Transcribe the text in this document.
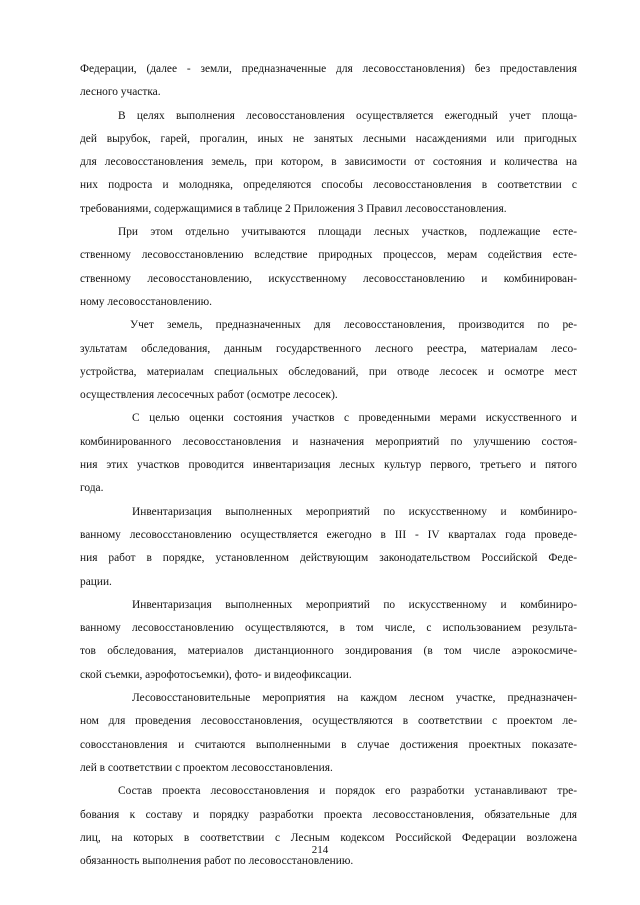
Федерации, (далее - земли, предназначенные для лесовосстановления) без предоставления
лесного участка.
В целях выполнения лесовосстановления осуществляется ежегодный учет площа-
дей вырубок, гарей, прогалин, иных не занятых лесными насаждениями или пригодных
для лесовосстановления земель, при котором, в зависимости от состояния и количества на
них подроста и молодняка, определяются способы лесовосстановления в соответствии с
требованиями, содержащимися в таблице 2 Приложения 3 Правил лесовосстановления.
При этом отдельно учитываются площади лесных участков, подлежащие есте-
ственному лесовосстановлению вследствие природных процессов, мерам содействия есте-
ственному лесовосстановлению, искусственному лесовосстановлению и комбинирован-
ному лесовосстановлению.
Учет земель, предназначенных для лесовосстановления, производится по ре-
зультатам обследования, данным государственного лесного реестра, материалам лесо-
устройства, материалам специальных обследований, при отводе лесосек и осмотре мест
осуществления лесосечных работ (осмотре лесосек).
С целью оценки состояния участков с проведенными мерами искусственного и
комбинированного лесовосстановления и назначения мероприятий по улучшению состоя-
ния этих участков проводится инвентаризация лесных культур первого, третьего и пятого
года.
Инвентаризация выполненных мероприятий по искусственному и комбиниро-
ванному лесовосстановлению осуществляется ежегодно в III - IV кварталах года проведе-
ния работ в порядке, установленном действующим законодательством Российской Феде-
рации.
Инвентаризация выполненных мероприятий по искусственному и комбиниро-
ванному лесовосстановлению осуществляются, в том числе, с использованием результа-
тов обследования, материалов дистанционного зондирования (в том числе аэрокосмиче-
ской съемки, аэрофотосъемки), фото- и видеофиксации.
Лесовосстановительные мероприятия на каждом лесном участке, предназначен-
ном для проведения лесовосстановления, осуществляются в соответствии с проектом ле-
совосстановления и считаются выполненными в случае достижения проектных показате-
лей в соответствии с проектом лесовосстановления.
Состав проекта лесовосстановления и порядок его разработки устанавливают тре-
бования к составу и порядку разработки проекта лесовосстановления, обязательные для
лиц, на которых в соответствии с Лесным кодексом Российской Федерации возложена
обязанность выполнения работ по лесовосстановлению.
214
